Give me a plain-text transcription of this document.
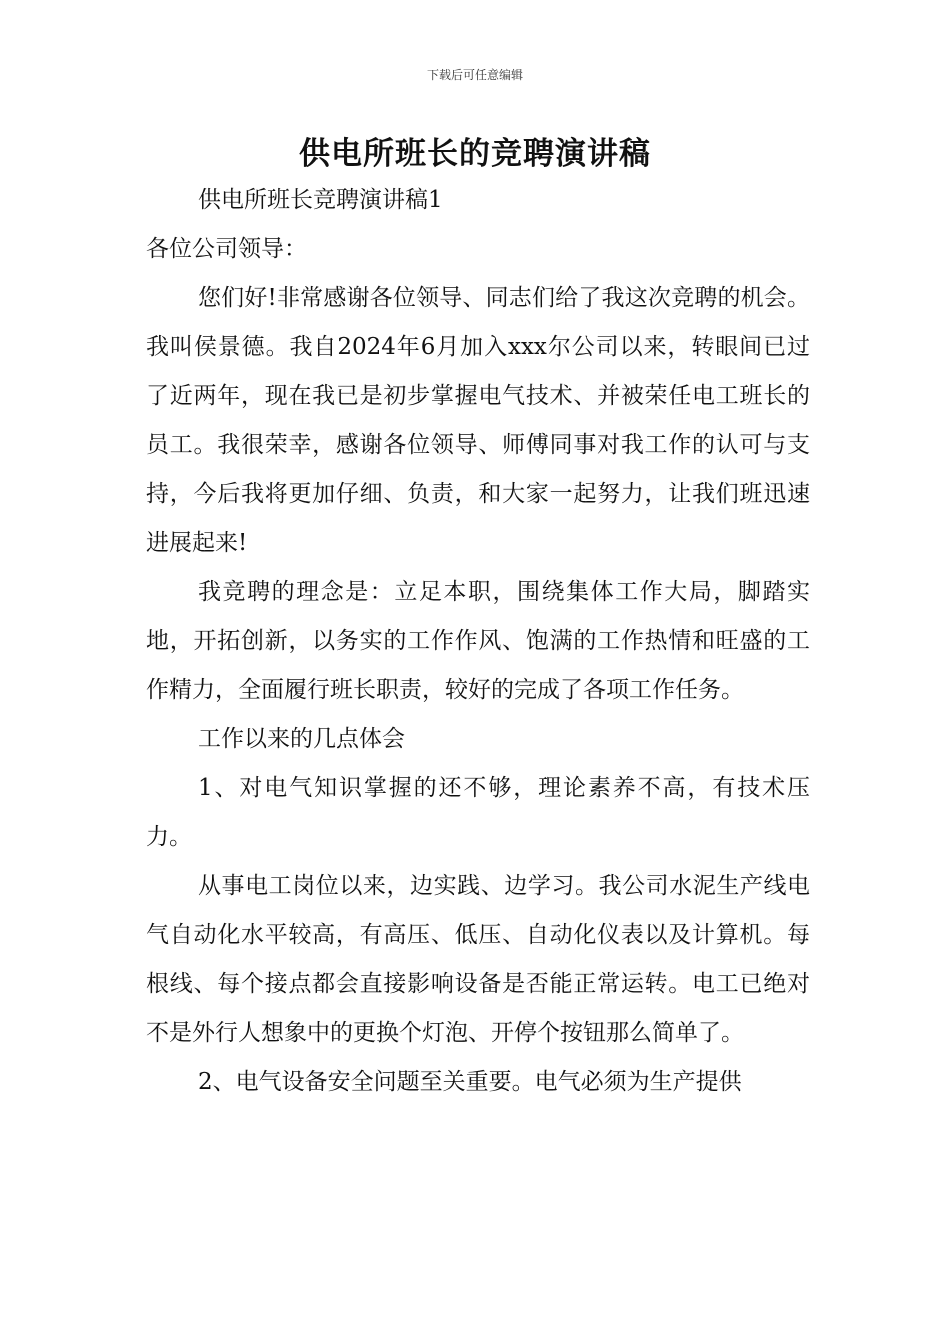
下载后可任意编辑
供电所班长的竞聘演讲稿

供电所班长竞聘演讲稿1

各位公司领导：

您们好!非常感谢各位领导、同志们给了我这次竞聘的机会。我叫侯景德。我自2024年6月加入xxx尔公司以来，转眼间已过了近两年，现在我已是初步掌握电气技术、并被荣任电工班长的员工。我很荣幸，感谢各位领导、师傅同事对我工作的认可与支持，今后我将更加仔细、负责，和大家一起努力，让我们班迅速进展起来!

我竞聘的理念是：立足本职，围绕集体工作大局，脚踏实地，开拓创新，以务实的工作作风、饱满的工作热情和旺盛的工作精力，全面履行班长职责，较好的完成了各项工作任务。

工作以来的几点体会

1、对电气知识掌握的还不够，理论素养不高，有技术压力。

从事电工岗位以来，边实践、边学习。我公司水泥生产线电气自动化水平较高，有高压、低压、自动化仪表以及计算机。每根线、每个接点都会直接影响设备是否能正常运转。电工已绝对不是外行人想象中的更换个灯泡、开停个按钮那么简单了。

2、电气设备安全问题至关重要。电气必须为生产提供
